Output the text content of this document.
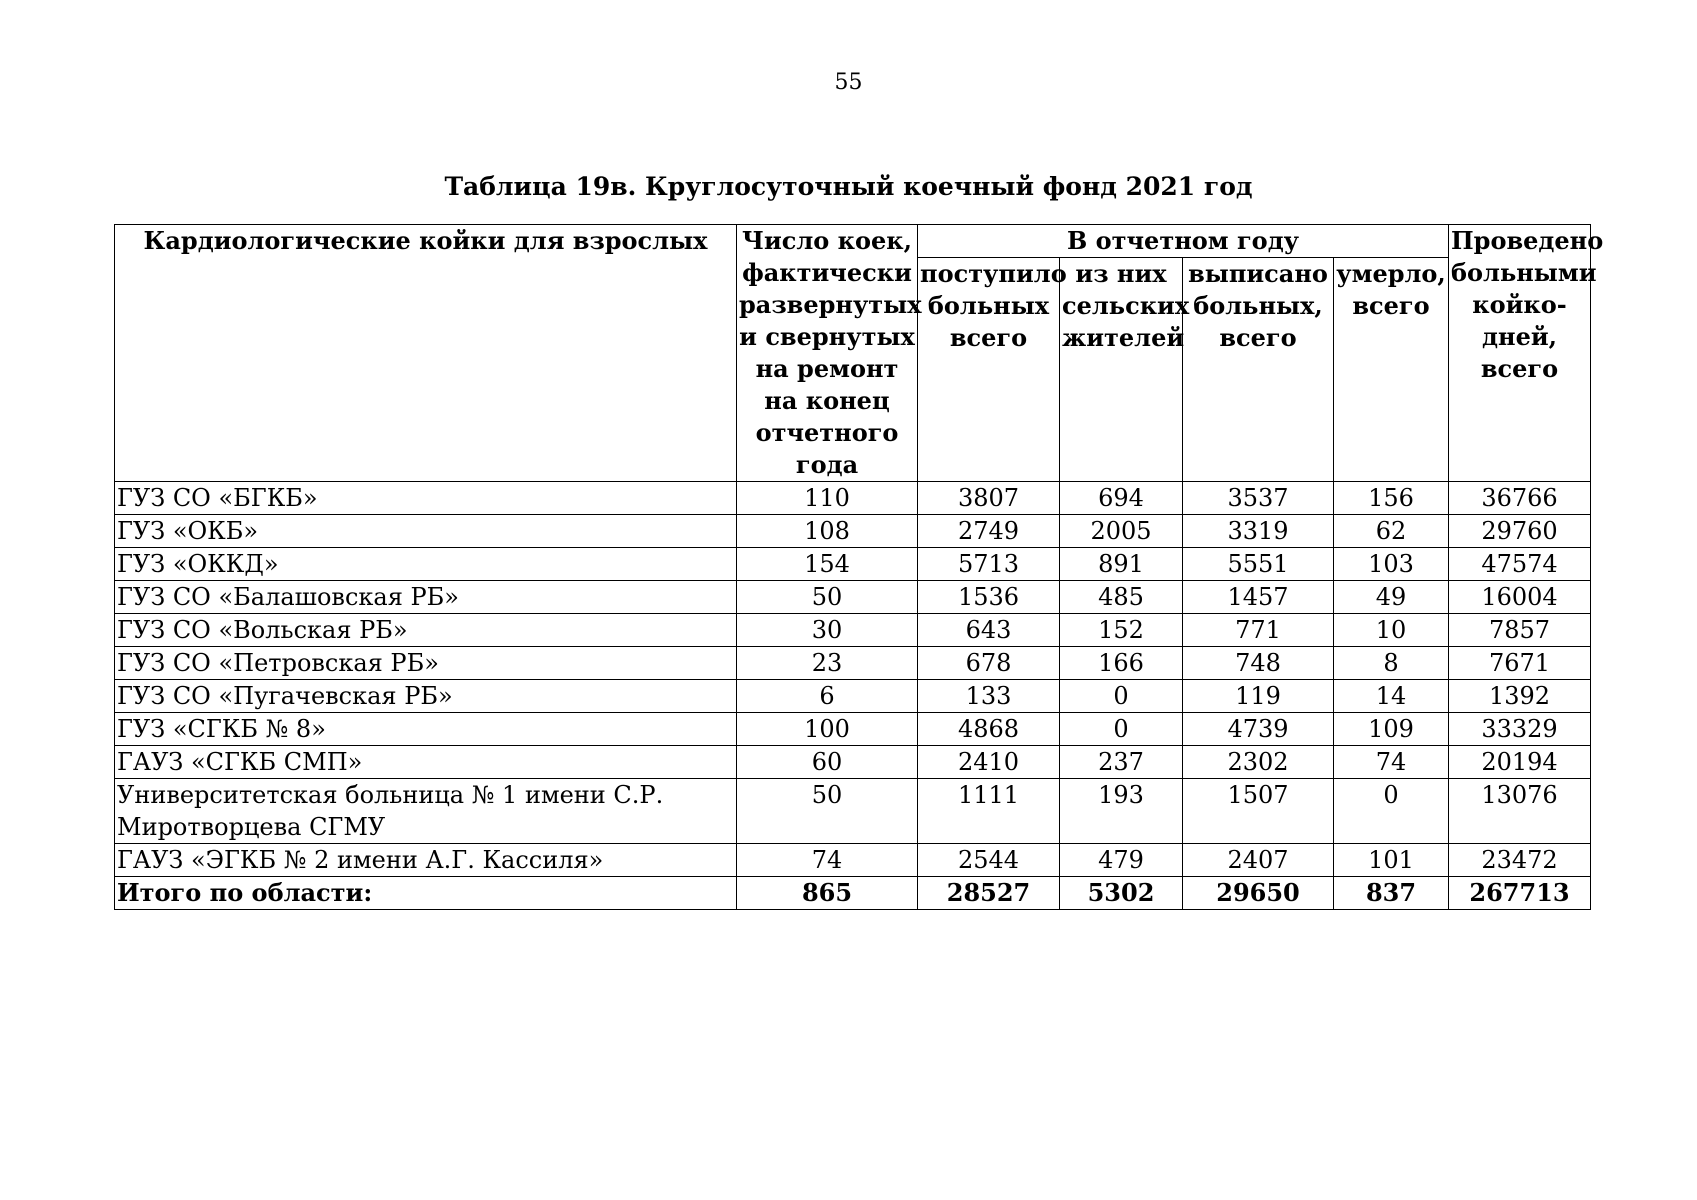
55
Таблица 19в. Круглосуточный коечный фонд 2021 год
Кардиологические койки для взрослых	Число коек, фактически развернутых и свернутых на ремонт на конец отчетного года	В отчетном году				Проведено больными койко-дней, всего
		поступило больных всего	из них сельских жителей	выписано больных, всего	умерло, всего	
ГУЗ СО «БГКБ»	110	3807	694	3537	156	36766
ГУЗ «ОКБ»	108	2749	2005	3319	62	29760
ГУЗ «ОККД»	154	5713	891	5551	103	47574
ГУЗ СО «Балашовская РБ»	50	1536	485	1457	49	16004
ГУЗ СО «Вольская РБ»	30	643	152	771	10	7857
ГУЗ СО «Петровская РБ»	23	678	166	748	8	7671
ГУЗ СО «Пугачевская РБ»	6	133	0	119	14	1392
ГУЗ «СГКБ № 8»	100	4868	0	4739	109	33329
ГАУЗ «СГКБ СМП»	60	2410	237	2302	74	20194
Университетская больница № 1 имени С.Р. Миротворцева СГМУ	50	1111	193	1507	0	13076
ГАУЗ «ЭГКБ № 2 имени А.Г. Кассиля»	74	2544	479	2407	101	23472
Итого по области:	865	28527	5302	29650	837	267713
